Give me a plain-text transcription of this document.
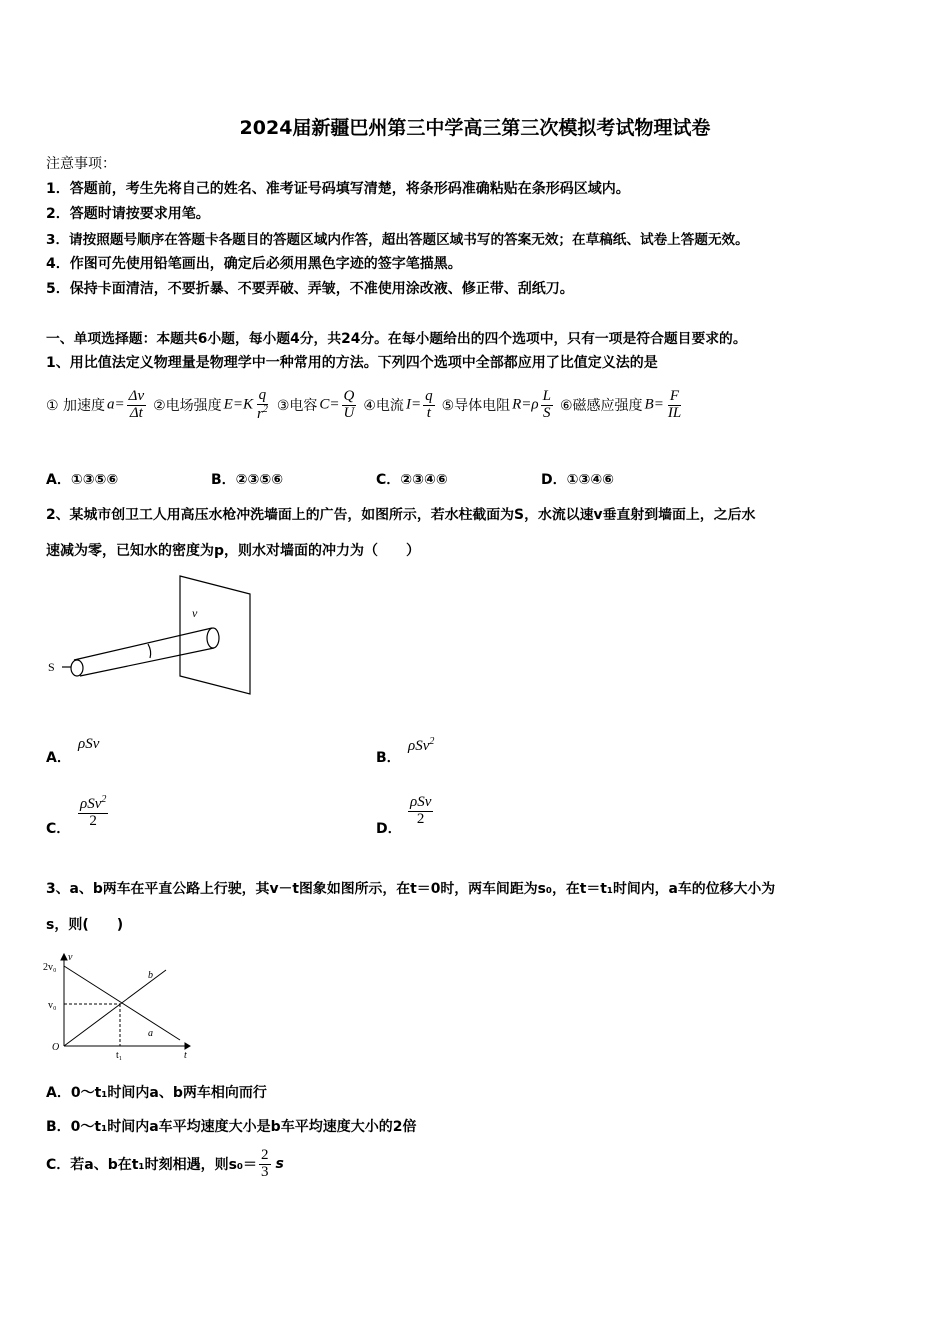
2024届新疆巴州第三中学高三第三次模拟考试物理试卷
注意事项：
1．答题前，考生先将自己的姓名、准考证号码填写清楚，将条形码准确粘贴在条形码区域内。
2．答题时请按要求用笔。
3．请按照题号顺序在答题卡各题目的答题区域内作答，超出答题区域书写的答案无效；在草稿纸、试卷上答题无效。
4．作图可先使用铅笔画出，确定后必须用黑色字迹的签字笔描黑。
5．保持卡面清洁，不要折暴、不要弄破、弄皱，不准使用涂改液、修正带、刮纸刀。
一、单项选择题：本题共6小题，每小题4分，共24分。在每小题给出的四个选项中，只有一项是符合题目要求的。
1、用比值法定义物理量是物理学中一种常用的方法。下列四个选项中全部都应用了比值定义法的是
① 加速度 $a= \frac{\Delta v}{\Delta t}$ ②电场强度 $E=K \frac{q}{r^2}$ ③电容 $C= \frac{Q}{U}$ ④电流 $I= \frac{q}{t}$ ⑤导体电阻 $R=\rho \frac{L}{S}$ ⑥磁感应强度 $B= \frac{F}{IL}$
A．①③⑤⑥	B．②③⑤⑥	C．②③④⑥	D．①③④⑥
2、某城市创卫工人用高压水枪冲洗墙面上的广告，如图所示，若水柱截面为S，水流以速v垂直射到墙面上，之后水
速减为零，已知水的密度为p，则水对墙面的冲力为（　　）
S
v
A．
ρSv
B．
ρSv$^2$
C． $\frac{\rho Sv^2}{2}$	D．
$\frac{\text{ρSv}}{2}$
3、a、b两车在平直公路上行驶，其v－t图象如图所示，在t＝0时，两车间距为s₀，在t＝t₁时间内，a车的位移大小为
s，则(　　)
v
t
2v₀
v₀
O
t₁
a
b
A．0～t₁时间内a、b两车相向而行
B．0～t₁时间内a车平均速度大小是b车平均速度大小的2倍
C．若a、b在t₁时刻相遇，则$s_0= \frac{2}{3}$ s
